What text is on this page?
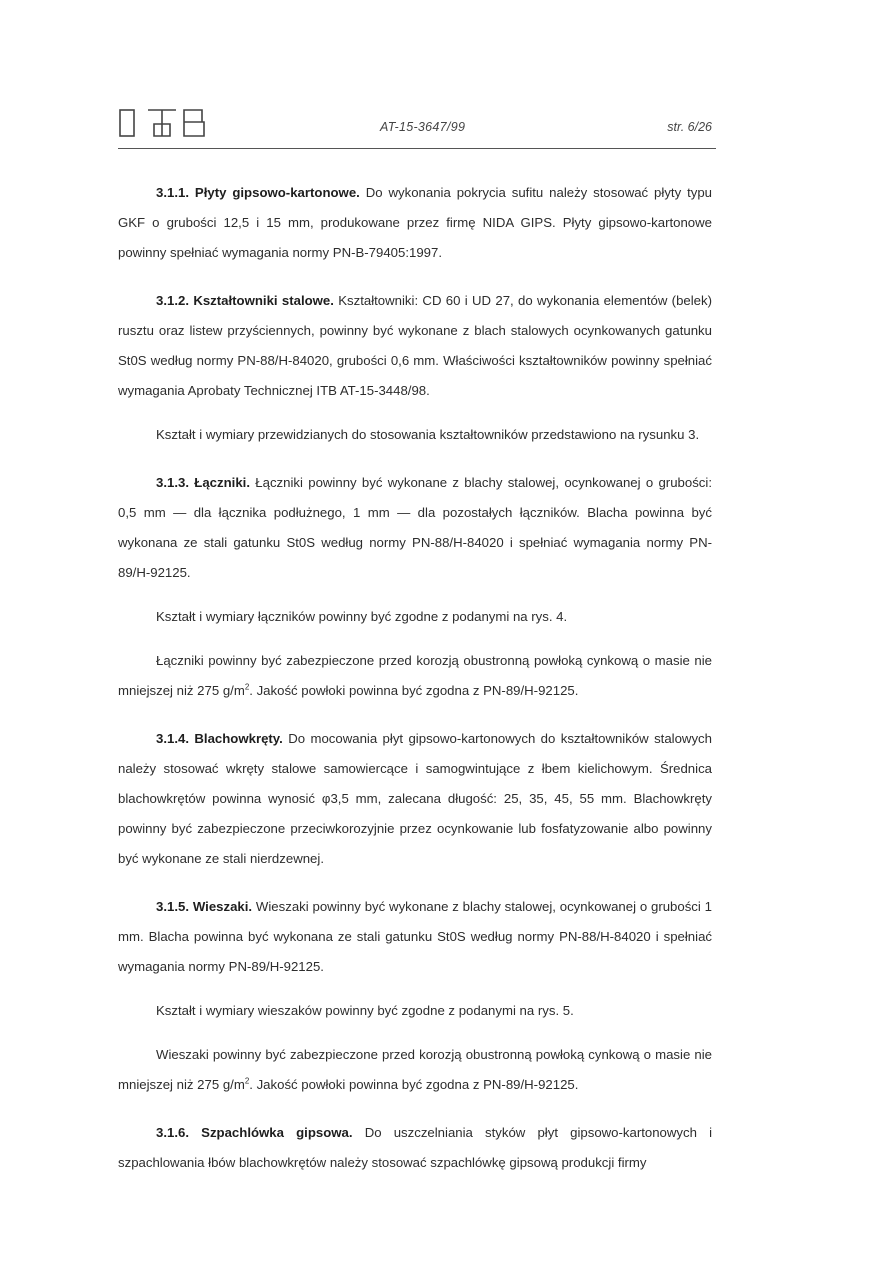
AT-15-3647/99	str. 6/26

3.1.1. Płyty gipsowo-kartonowe. Do wykonania pokrycia sufitu należy stosować płyty typu GKF o grubości 12,5 i 15 mm, produkowane przez firmę NIDA GIPS. Płyty gipsowo-kartonowe powinny spełniać wymagania normy PN-B-79405:1997.

3.1.2. Kształtowniki stalowe. Kształtowniki: CD 60 i UD 27, do wykonania elementów (belek) rusztu oraz listew przyściennych, powinny być wykonane z blach stalowych ocynkowanych gatunku St0S według normy PN-88/H-84020, grubości 0,6 mm. Właściwości kształtowników powinny spełniać wymagania Aprobaty Technicznej ITB AT-15-3448/98.

Kształt i wymiary przewidzianych do stosowania kształtowników przedstawiono na rysunku 3.

3.1.3. Łączniki. Łączniki powinny być wykonane z blachy stalowej, ocynkowanej o grubości: 0,5 mm — dla łącznika podłużnego, 1 mm — dla pozostałych łączników. Blacha powinna być wykonana ze stali gatunku St0S według normy PN-88/H-84020 i spełniać wymagania normy PN-89/H-92125.

Kształt i wymiary łączników powinny być zgodne z podanymi na rys. 4.

Łączniki powinny być zabezpieczone przed korozją obustronną powłoką cynkową o masie nie mniejszej niż 275 $g/m^2$. Jakość powłoki powinna być zgodna z PN-89/H-92125.

3.1.4. Blachowkręty. Do mocowania płyt gipsowo-kartonowych do kształtowników stalowych należy stosować wkręty stalowe samowiercące i samogwintujące z łbem kielichowym. Średnica blachowkrętów powinna wynosić φ3,5 mm, zalecana długość: 25, 35, 45, 55 mm. Blachowkręty powinny być zabezpieczone przeciwkorozyjnie przez ocynkowanie lub fosfatyzowanie albo powinny być wykonane ze stali nierdzewnej.

3.1.5. Wieszaki. Wieszaki powinny być wykonane z blachy stalowej, ocynkowanej o grubości 1 mm. Blacha powinna być wykonana ze stali gatunku St0S według normy PN-88/H-84020 i spełniać wymagania normy PN-89/H-92125.

Kształt i wymiary wieszaków powinny być zgodne z podanymi na rys. 5.

Wieszaki powinny być zabezpieczone przed korozją obustronną powłoką cynkową o masie nie mniejszej niż 275 $g/m^2$. Jakość powłoki powinna być zgodna z PN-89/H-92125.

3.1.6. Szpachlówka gipsowa. Do uszczelniania styków płyt gipsowo-kartonowych i szpachlowania łbów blachowkrętów należy stosować szpachlówkę gipsową produkcji firmy
